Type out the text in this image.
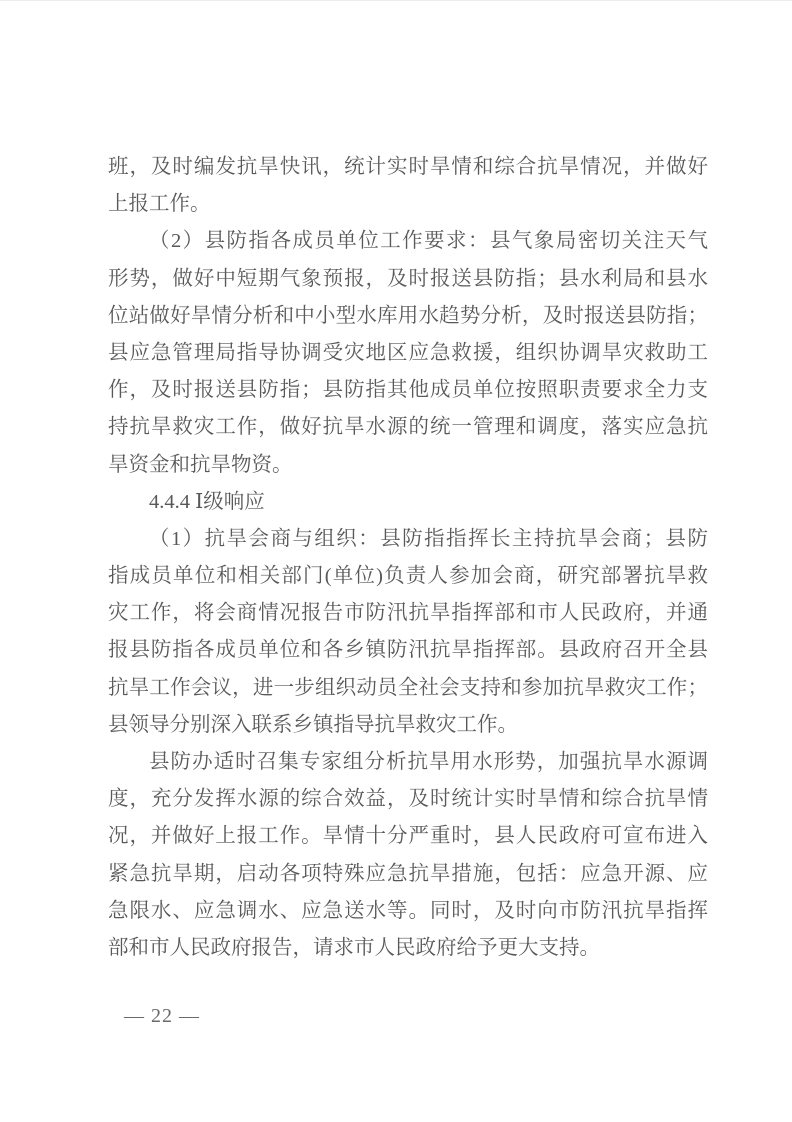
班，及时编发抗旱快讯，统计实时旱情和综合抗旱情况，并做好
上报工作。
（2）县防指各成员单位工作要求：县气象局密切关注天气
形势，做好中短期气象预报，及时报送县防指；县水利局和县水
位站做好旱情分析和中小型水库用水趋势分析，及时报送县防指；
县应急管理局指导协调受灾地区应急救援，组织协调旱灾救助工
作，及时报送县防指；县防指其他成员单位按照职责要求全力支
持抗旱救灾工作，做好抗旱水源的统一管理和调度，落实应急抗
旱资金和抗旱物资。
4.4.4 Ⅰ级响应
（1）抗旱会商与组织：县防指指挥长主持抗旱会商；县防
指成员单位和相关部门(单位)负责人参加会商，研究部署抗旱救
灾工作，将会商情况报告市防汛抗旱指挥部和市人民政府，并通
报县防指各成员单位和各乡镇防汛抗旱指挥部。县政府召开全县
抗旱工作会议，进一步组织动员全社会支持和参加抗旱救灾工作；
县领导分别深入联系乡镇指导抗旱救灾工作。
县防办适时召集专家组分析抗旱用水形势，加强抗旱水源调
度，充分发挥水源的综合效益，及时统计实时旱情和综合抗旱情
况，并做好上报工作。旱情十分严重时，县人民政府可宣布进入
紧急抗旱期，启动各项特殊应急抗旱措施，包括：应急开源、应
急限水、应急调水、应急送水等。同时，及时向市防汛抗旱指挥
部和市人民政府报告，请求市人民政府给予更大支持。
— 22 —
